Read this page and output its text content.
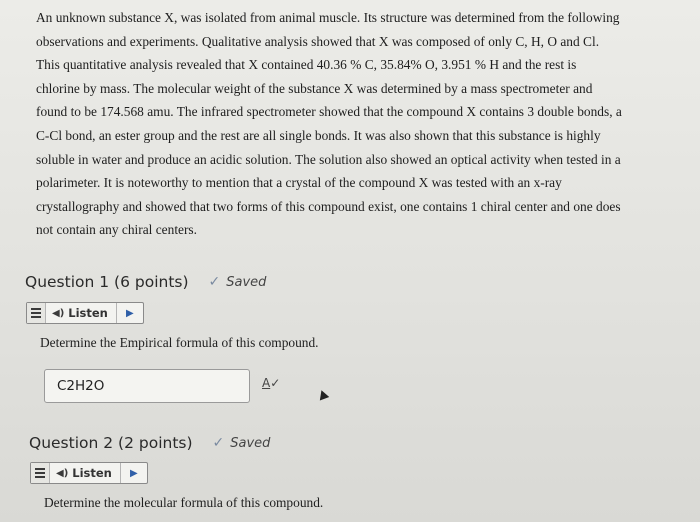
An unknown substance X, was isolated from animal muscle. Its structure was determined from the following

observations and experiments. Qualitative analysis showed that X was composed of only C, H, O and Cl.

This quantitative analysis revealed that X contained 40.36 % C, 35.84% O, 3.951 % H and the rest is

chlorine by mass. The molecular weight of the substance X was determined by a mass spectrometer and

found to be 174.568 amu. The infrared spectrometer showed that the compound X contains 3 double bonds, a

C-Cl bond, an ester group and the rest are all single bonds. It was also shown that this substance is highly

soluble in water and produce an acidic solution. The solution also showed an optical activity when tested in a

polarimeter. It is noteworthy to mention that a crystal of the compound X was tested with an x-ray

crystallography and showed that two forms of this compound exist, one contains 1 chiral center and one does

not contain any chiral centers.

Question 1 (6 points) ✓ Saved
◀) Listen	▶
Determine the Empirical formula of this compound.
C2H2O	A✓
Question 2 (2 points) ✓ Saved
◀) Listen	▶
Determine the molecular formula of this compound.
